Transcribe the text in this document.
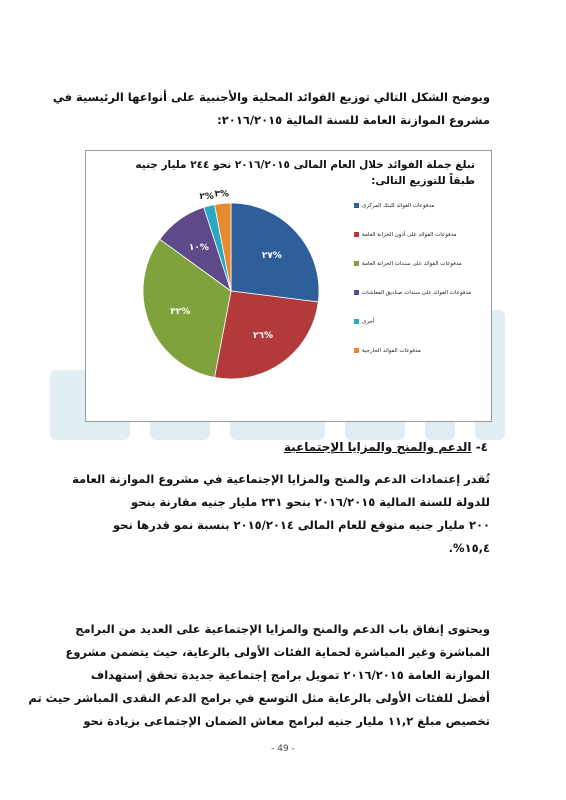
ويوضح الشكل التالي توزيع الفوائد المحلية والأجنبية على أنواعها الرئيسية في
مشروع الموازنة العامة للسنة المالية ٢٠١٦/٢٠١٥:
تبلغ جملة الفوائد خلال العام المالى ٢٠١٦/٢٠١٥ نحو ٢٤٤ مليار جنيه
طبقاً للتوزيع التالى:
٢٧%
٢٦%
٣٢%
١٠%
٢% ٣%
مدفوعات الفوائد للبنك المركزى
مدفوعات الفوائد على أذون الخزانة العامة
مدفوعات الفوائد على سندات الخزانة العامة
مدفوعات الفوائد على سندات صناديق المعاشات
أخرى
مدفوعات الفوائد الخارجية
٤- الدعم والمنح والمزايا الإجتماعية
تُقدر إعتمادات الدعم والمنح والمزايا الإجتماعية في مشروع الموازنة العامة
للدولة للسنة المالية ٢٠١٦/٢٠١٥ بنحو ٢٣١ مليار جنيه مقارنة بنحو
٢٠٠ مليار جنيه متوقع للعام المالى ٢٠١٥/٢٠١٤ بنسبة نمو قدرها نحو
١٥,٤%.
ويحتوى إنفاق باب الدعم والمنح والمزايا الإجتماعية على العديد من البرامج
المباشرة وغير المباشرة لحماية الفئات الأولى بالرعاية، حيث يتضمن مشروع
الموازنة العامة ٢٠١٦/٢٠١٥ تمويل برامج إجتماعية جديدة تحقق إستهداف
أفضل للفئات الأولى بالرعاية مثل التوسع في برامج الدعم النقدى المباشر حيث تم
تخصيص مبلغ ١١,٢ مليار جنيه لبرامج معاش الضمان الإجتماعى بزيادة نحو
- 49 -
